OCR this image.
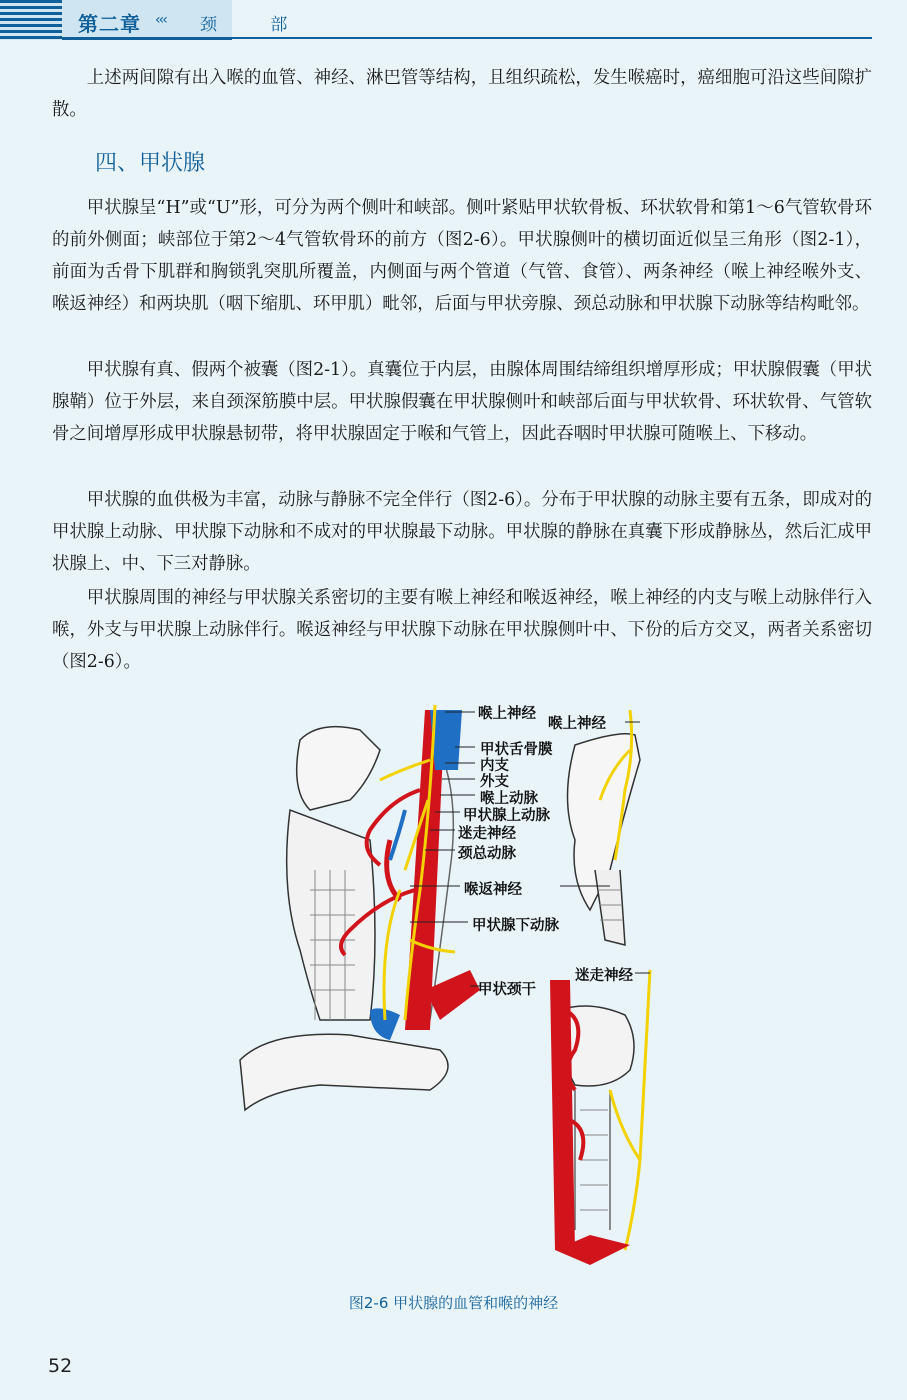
第二章 ‹‹‹ 颈 部

上述两间隙有出入喉的血管、神经、淋巴管等结构，且组织疏松，发生喉癌时，癌细胞可沿这些间隙扩散。

四、甲状腺

甲状腺呈“H”或“U”形，可分为两个侧叶和峡部。侧叶紧贴甲状软骨板、环状软骨和第1～6气管软骨环的前外侧面；峡部位于第2～4气管软骨环的前方（图2-6）。甲状腺侧叶的横切面近似呈三角形（图2-1），前面为舌骨下肌群和胸锁乳突肌所覆盖，内侧面与两个管道（气管、食管）、两条神经（喉上神经喉外支、喉返神经）和两块肌（咽下缩肌、环甲肌）毗邻，后面与甲状旁腺、颈总动脉和甲状腺下动脉等结构毗邻。

甲状腺有真、假两个被囊（图2-1）。真囊位于内层，由腺体周围结缔组织增厚形成；甲状腺假囊（甲状腺鞘）位于外层，来自颈深筋膜中层。甲状腺假囊在甲状腺侧叶和峡部后面与甲状软骨、环状软骨、气管软骨之间增厚形成甲状腺悬韧带，将甲状腺固定于喉和气管上，因此吞咽时甲状腺可随喉上、下移动。

甲状腺的血供极为丰富，动脉与静脉不完全伴行（图2-6）。分布于甲状腺的动脉主要有五条，即成对的甲状腺上动脉、甲状腺下动脉和不成对的甲状腺最下动脉。甲状腺的静脉在真囊下形成静脉丛，然后汇成甲状腺上、中、下三对静脉。

甲状腺周围的神经与甲状腺关系密切的主要有喉上神经和喉返神经，喉上神经的内支与喉上动脉伴行入喉，外支与甲状腺上动脉伴行。喉返神经与甲状腺下动脉在甲状腺侧叶中、下份的后方交叉，两者关系密切（图2-6）。

喉上神经
喉上神经
甲状舌骨膜
内支
外支
喉上动脉
甲状腺上动脉
迷走神经
颈总动脉
喉返神经
甲状腺下动脉
迷走神经
甲状颈干
图2-6 甲状腺的血管和喉的神经
52
